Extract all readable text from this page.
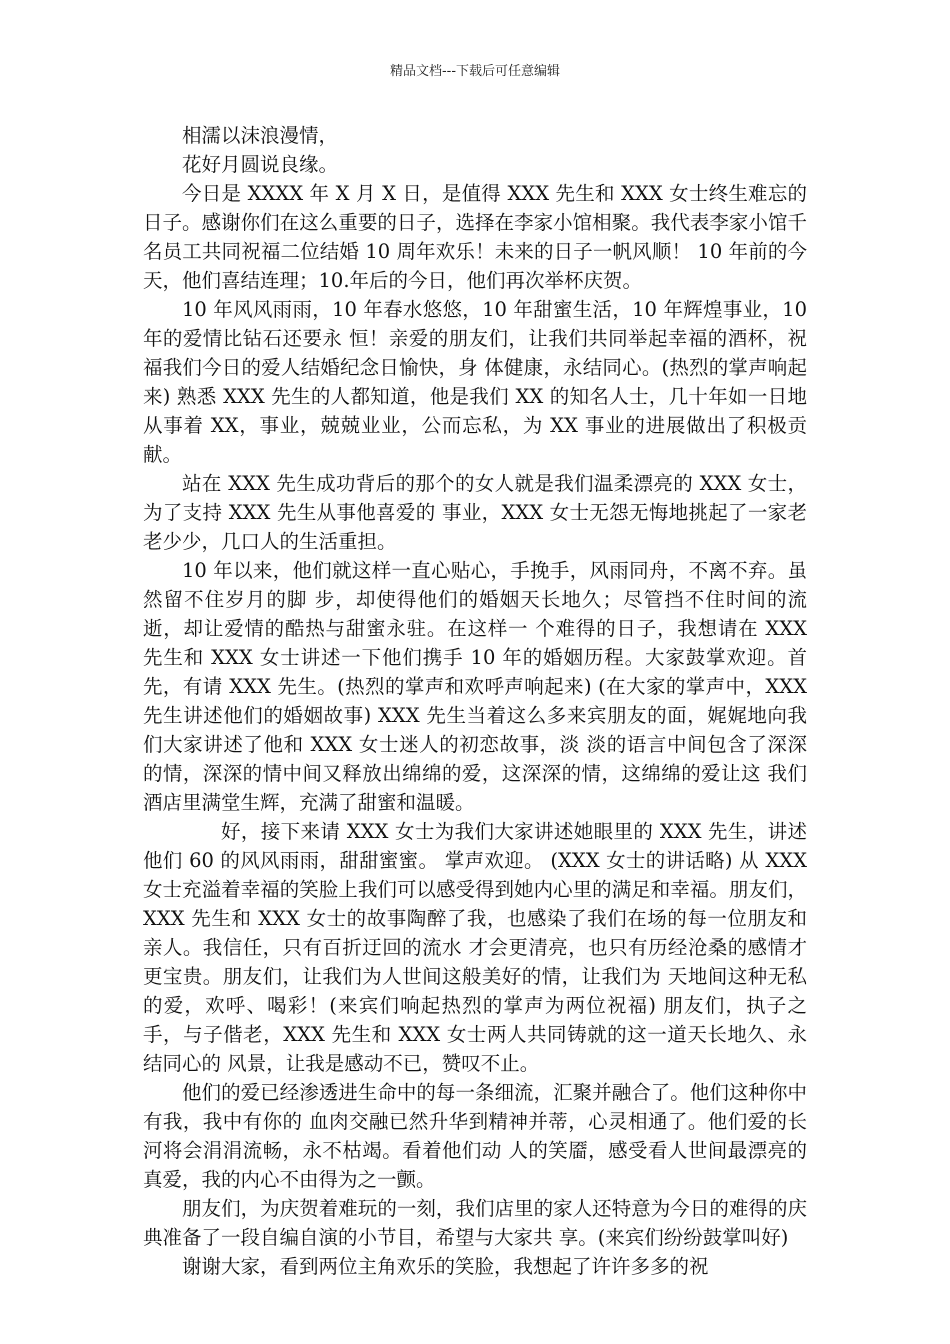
精品文档---下载后可任意编辑

相濡以沫浪漫情，

花好月圆说良缘。

今日是 XXXX 年 X 月 X 日，是值得 XXX 先生和 XXX 女士终生难忘的日子。感谢你们在这么重要的日子，选择在李家小馆相聚。我代表李家小馆千名员工共同祝福二位结婚 10 周年欢乐！未来的日子一帆风顺！ 10 年前的今 天，他们喜结连理；10.年后的今日，他们再次举杯庆贺。

10 年风风雨雨，10 年春水悠悠，10 年甜蜜生活，10 年辉煌事业，10 年的爱情比钻石还要永 恒！亲爱的朋友们，让我们共同举起幸福的酒杯，祝福我们今日的爱人结婚纪念日愉快，身 体健康，永结同心。(热烈的掌声响起来) 熟悉 XXX 先生的人都知道，他是我们 XX 的知名人士，几十年如一日地从事着 XX，事业，兢兢业业，公而忘私，为 XX 事业的进展做出了积极贡献。

站在 XXX 先生成功背后的那个的女人就是我们温柔漂亮的 XXX 女士，为了支持 XXX 先生从事他喜爱的 事业，XXX 女士无怨无悔地挑起了一家老老少少，几口人的生活重担。

10 年以来，他们就这样一直心贴心，手挽手，风雨同舟，不离不弃。虽然留不住岁月的脚 步，却使得他们的婚姻天长地久；尽管挡不住时间的流逝，却让爱情的酷热与甜蜜永驻。在这样一 个难得的日子，我想请在 XXX 先生和 XXX 女士讲述一下他们携手 10 年的婚姻历程。大家鼓掌欢迎。首 先，有请 XXX 先生。(热烈的掌声和欢呼声响起来) (在大家的掌声中，XXX 先生讲述他们的婚姻故事) XXX 先生当着这么多来宾朋友的面，娓娓地向我们大家讲述了他和 XXX 女士迷人的初恋故事，淡 淡的语言中间包含了深深的情，深深的情中间又释放出绵绵的爱，这深深的情，这绵绵的爱让这 我们酒店里满堂生辉，充满了甜蜜和温暖。

好，接下来请 XXX 女士为我们大家讲述她眼里的 XXX 先生，讲述他们 60 的风风雨雨，甜甜蜜蜜。 掌声欢迎。 (XXX 女士的讲话略) 从 XXX 女士充溢着幸福的笑脸上我们可以感受得到她内心里的满足和幸福。朋友们，XXX 先生和 XXX 女士的故事陶醉了我，也感染了我们在场的每一位朋友和亲人。我信任，只有百折迂回的流水 才会更清亮，也只有历经沧桑的感情才更宝贵。朋友们，让我们为人世间这般美好的情，让我们为 天地间这种无私的爱，欢呼、喝彩！(来宾们响起热烈的掌声为两位祝福) 朋友们，执子之手，与子偕老，XXX 先生和 XXX 女士两人共同铸就的这一道天长地久、永结同心的 风景，让我是感动不已，赞叹不止。

他们的爱已经渗透进生命中的每一条细流，汇聚并融合了。他们这种你中有我，我中有你的 血肉交融已然升华到精神并蒂，心灵相通了。他们爱的长河将会涓涓流畅，永不枯竭。看着他们动 人的笑靥，感受看人世间最漂亮的真爱，我的内心不由得为之一颤。

朋友们，为庆贺着难玩的一刻，我们店里的家人还特意为今日的难得的庆典准备了一段自编自演的小节目，希望与大家共 享。(来宾们纷纷鼓掌叫好)

谢谢大家，看到两位主角欢乐的笑脸，我想起了许许多多的祝
